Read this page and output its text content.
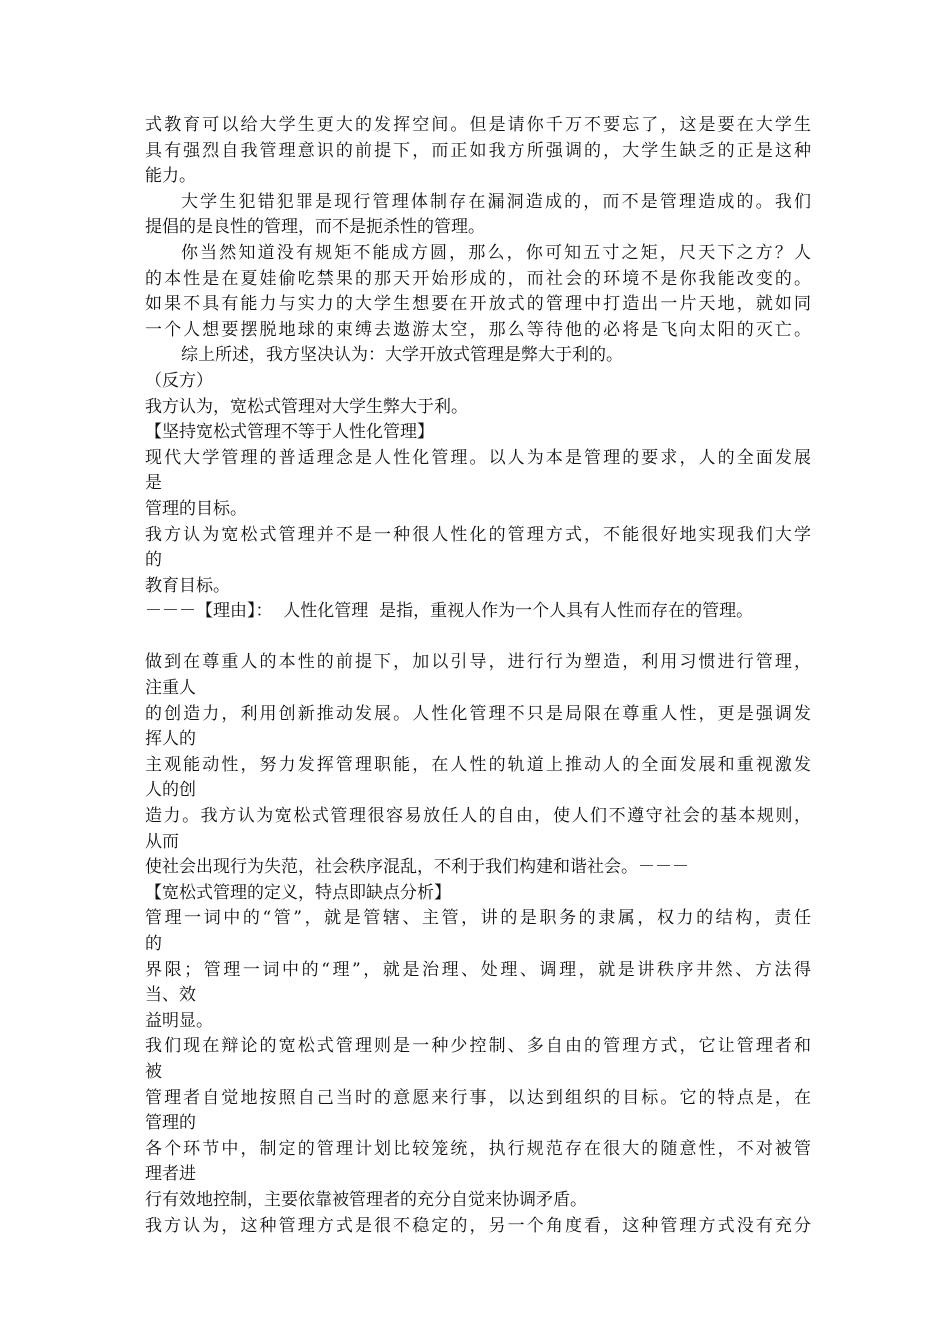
式教育可以给大学生更大的发挥空间。但是请你千万不要忘了，这是要在大学生
具有强烈自我管理意识的前提下，而正如我方所强调的，大学生缺乏的正是这种
能力。
大学生犯错犯罪是现行管理体制存在漏洞造成的，而不是管理造成的。我们
提倡的是良性的管理，而不是扼杀性的管理。
你当然知道没有规矩不能成方圆，那么，你可知五寸之矩，尺天下之方？人
的本性是在夏娃偷吃禁果的那天开始形成的，而社会的环境不是你我能改变的。
如果不具有能力与实力的大学生想要在开放式的管理中打造出一片天地，就如同
一个人想要摆脱地球的束缚去遨游太空，那么等待他的必将是飞向太阳的灭亡。
综上所述，我方坚决认为：大学开放式管理是弊大于利的。
（反方）
我方认为，宽松式管理对大学生弊大于利。
【坚持宽松式管理不等于人性化管理】
现代大学管理的普适理念是人性化管理。以人为本是管理的要求，人的全面发展
是
管理的目标。
我方认为宽松式管理并不是一种很人性化的管理方式，不能很好地实现我们大学
的
教育目标。
－－－【理由】：  人性化管理  是指，重视人作为一个人具有人性而存在的管理。
做到在尊重人的本性的前提下，加以引导，进行行为塑造，利用习惯进行管理，
注重人
的创造力，利用创新推动发展。人性化管理不只是局限在尊重人性，更是强调发
挥人的
主观能动性，努力发挥管理职能，在人性的轨道上推动人的全面发展和重视激发
人的创
造力。我方认为宽松式管理很容易放任人的自由，使人们不遵守社会的基本规则，
从而
使社会出现行为失范，社会秩序混乱，不利于我们构建和谐社会。－－－
【宽松式管理的定义，特点即缺点分析】
管理一词中的“管”，就是管辖、主管，讲的是职务的隶属，权力的结构，责任
的
界限；管理一词中的“理”，就是治理、处理、调理，就是讲秩序井然、方法得
当、效
益明显。
我们现在辩论的宽松式管理则是一种少控制、多自由的管理方式，它让管理者和
被
管理者自觉地按照自己当时的意愿来行事，以达到组织的目标。它的特点是，在
管理的
各个环节中，制定的管理计划比较笼统，执行规范存在很大的随意性，不对被管
理者进
行有效地控制，主要依靠被管理者的充分自觉来协调矛盾。
我方认为，这种管理方式是很不稳定的，另一个角度看，这种管理方式没有充分
